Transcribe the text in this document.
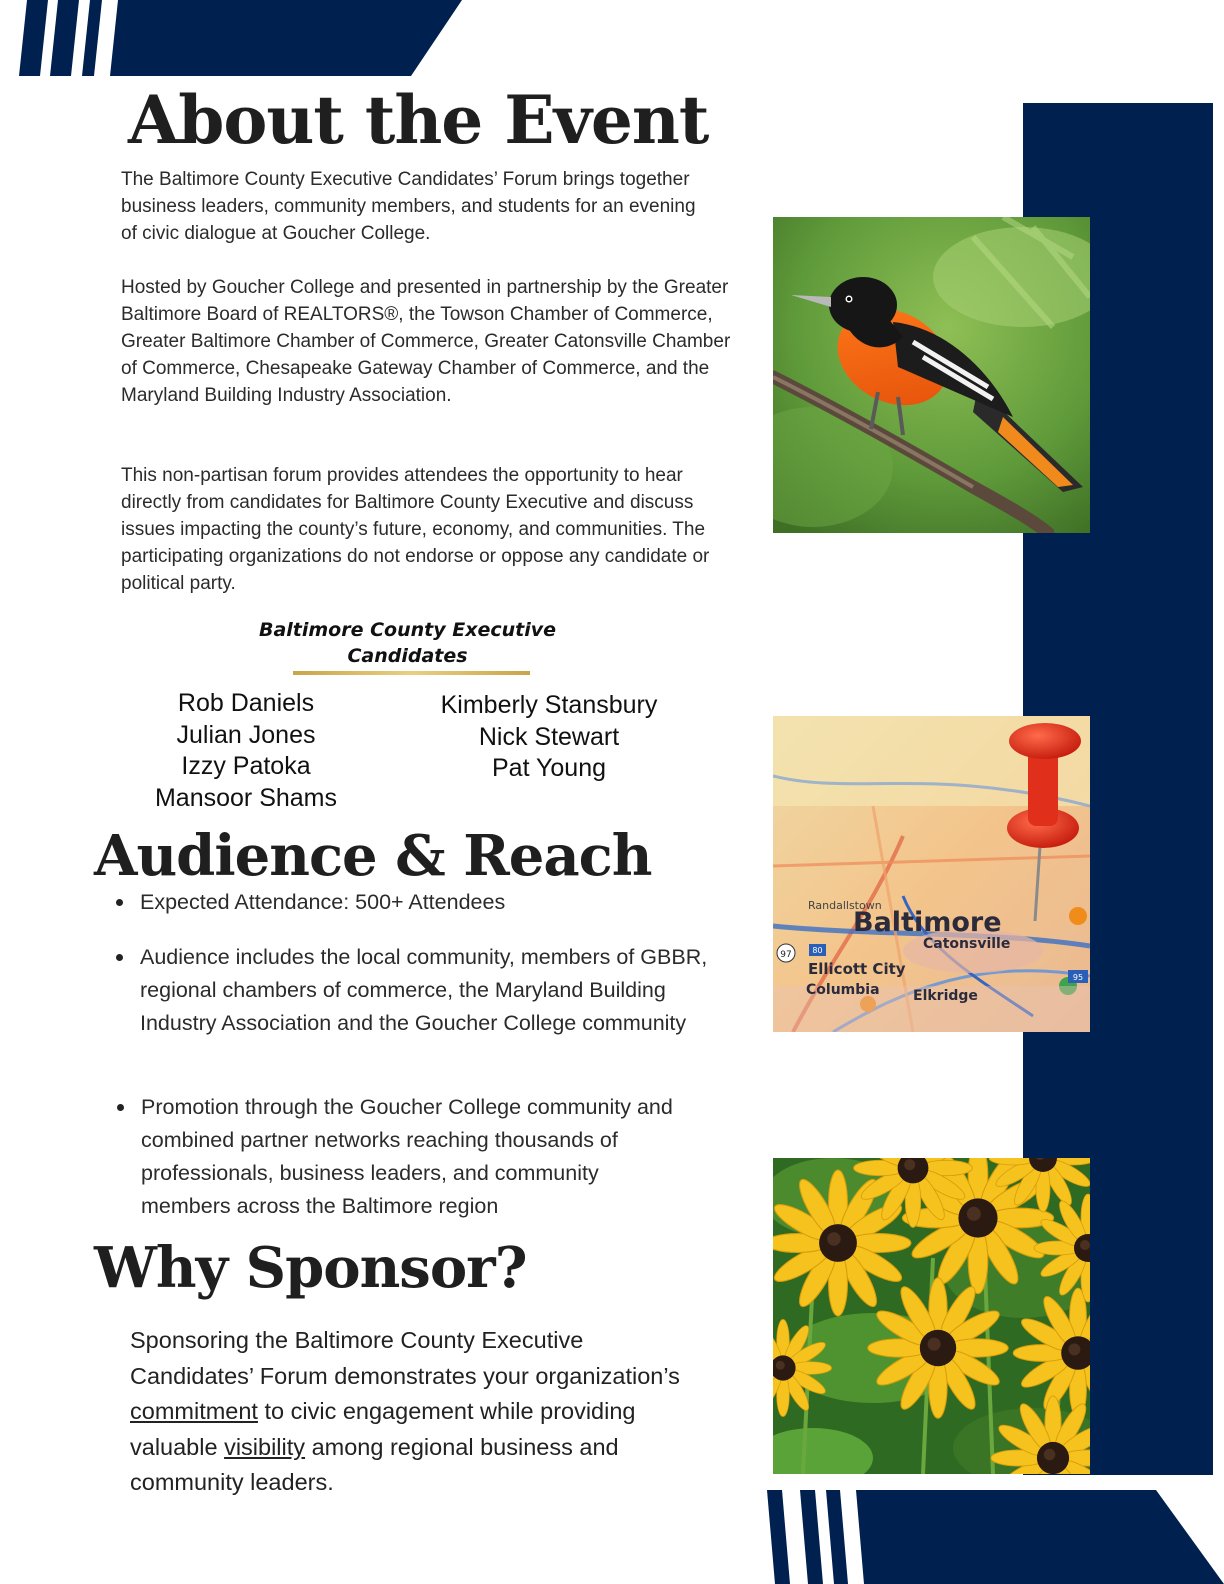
About the Event

The Baltimore County Executive Candidates’ Forum brings together business leaders, community members, and students for an evening of civic dialogue at Goucher College.

Hosted by Goucher College and presented in partnership by the Greater Baltimore Board of REALTORS®, the Towson Chamber of Commerce, Greater Baltimore Chamber of Commerce, Greater Catonsville Chamber of Commerce, Chesapeake Gateway Chamber of Commerce, and the Maryland Building Industry Association.

This non-partisan forum provides attendees the opportunity to hear directly from candidates for Baltimore County Executive and discuss issues impacting the county’s future, economy, and communities. The participating organizations do not endorse or oppose any candidate or political party.

Baltimore County Executive Candidates
Rob Daniels
Julian Jones
Izzy Patoka
Mansoor Shams
Kimberly Stansbury
Nick Stewart
Pat Young
Audience & Reach
Expected Attendance: 500+ Attendees
Audience includes the local community, members of GBBR, regional chambers of commerce, the Maryland Building Industry Association and the Goucher College community
Promotion through the Goucher College community and combined partner networks reaching thousands of professionals, business leaders, and community members across the Baltimore region
Why Sponsor?

Sponsoring the Baltimore County Executive Candidates’ Forum demonstrates your organization’s commitment to civic engagement while providing valuable visibility among regional business and community leaders.

Baltimore
Catonsville
Ellicott City
Columbia Elkridge
Randallstown
97	80
95
